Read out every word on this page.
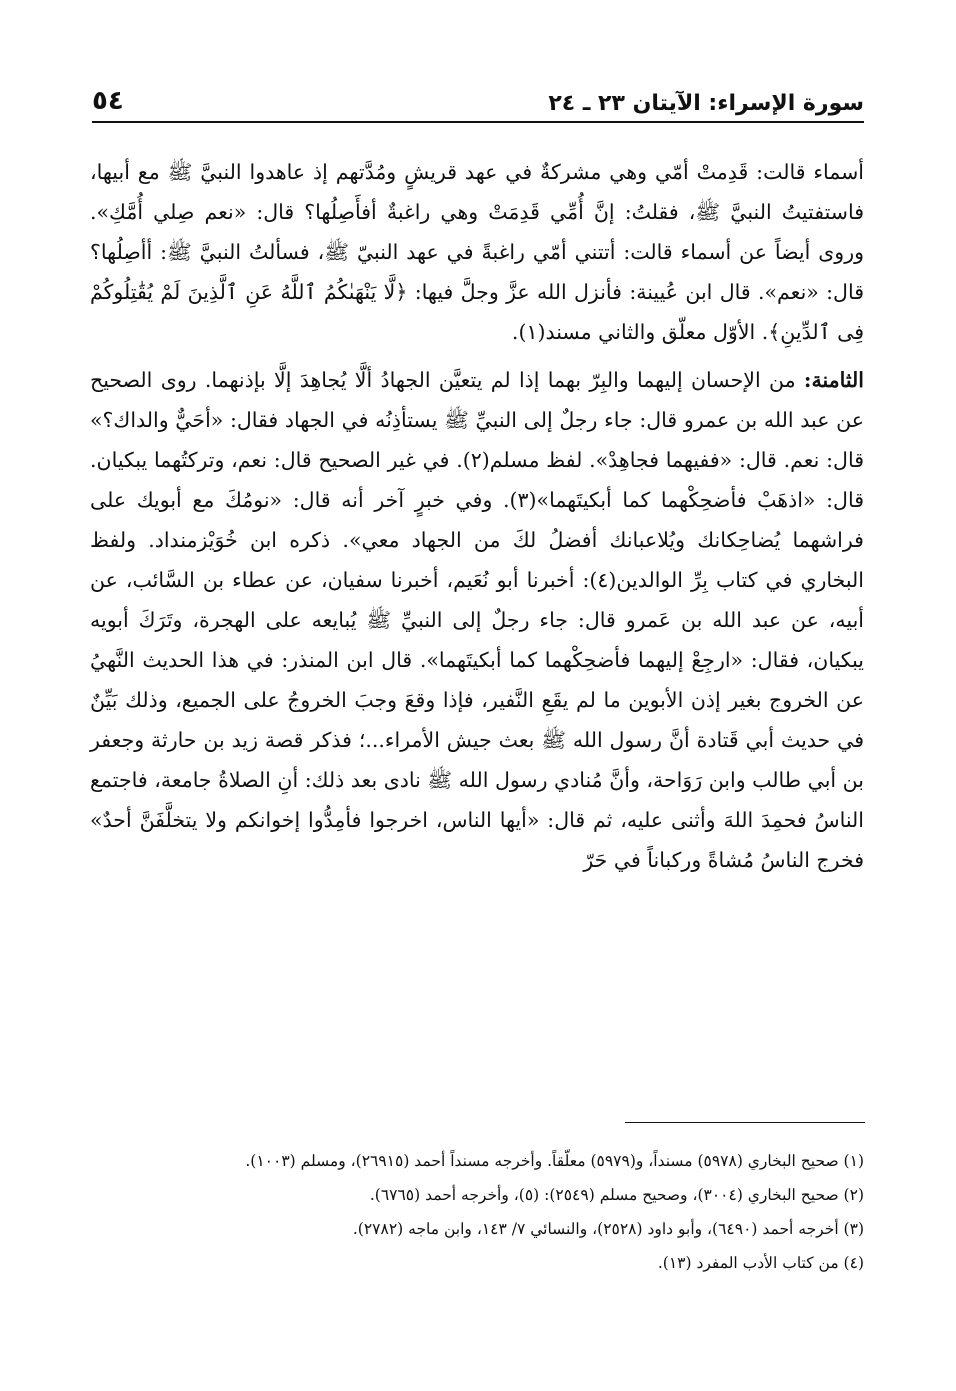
٥٤	سورة الإسراء: الآيتان ٢٣ ـ ٢٤

أسماء قالت: قَدِمتْ أمّي وهي مشركةٌ في عهد قريشٍ ومُدَّتهم إذ عاهدوا النبيَّ ﷺ مع أبيها، فاستفتيتُ النبيَّ ﷺ، فقلتُ: إنَّ أُمِّي قَدِمَتْ وهي راغبةٌ أفأَصِلُها؟ قال: «نعم صِلي أُمَّكِ». وروى أيضاً عن أسماء قالت: أتتني أمّي راغبةً في عهد النبيّ ﷺ، فسألتُ النبيَّ ﷺ: أأصِلُها؟ قال: «نعم». قال ابن عُيينة: فأنزل الله عزَّ وجلَّ فيها: ﴿لَّا يَنْهَىٰكُمُ ٱللَّهُ عَنِ ٱلَّذِينَ لَمْ يُقَٰتِلُوكُمْ فِى ٱلدِّينِ﴾. الأوّل معلّق والثاني مسند(١).

الثامنة: من الإحسان إليهما والبِرّ بهما إذا لم يتعيَّن الجهادُ ألَّا يُجاهِدَ إلَّا بإذنهما. روى الصحيح عن عبد الله بن عمرو قال: جاء رجلٌ إلى النبيِّ ﷺ يستأذِنُه في الجهاد فقال: «أحَيٌّ والداك؟» قال: نعم. قال: «ففيهما فجاهِدْ». لفظ مسلم(٢). في غير الصحيح قال: نعم، وتركتُهما يبكيان. قال: «اذهَبْ فأضحِكْهما كما أبكيتَهما»(٣). وفي خبرٍ آخر أنه قال: «نومُكَ مع أبويك على فراشهما يُضاحِكانك ويُلاعبانك أفضلُ لكَ من الجهاد معي». ذكره ابن خُوَيْزمنداد. ولفظ البخاري في كتاب بِرِّ الوالدين(٤): أخبرنا أبو نُعَيم، أخبرنا سفيان، عن عطاء بن السَّائب، عن أبيه، عن عبد الله بن عَمرو قال: جاء رجلٌ إلى النبيِّ ﷺ يُبايعه على الهجرة، وتَرَكَ أبويه يبكيان، فقال: «ارجِعْ إليهما فأضحِكْهما كما أبكيتَهما». قال ابن المنذر: في هذا الحديث النَّهيُ عن الخروج بغير إذن الأبوين ما لم يقَعِ النَّفير، فإذا وقعَ وجبَ الخروجُ على الجميع، وذلك بَيِّنٌ في حديث أبي قَتادة أنَّ رسول الله ﷺ بعث جيش الأمراء...؛ فذكر قصة زيد بن حارثة وجعفر بن أبي طالب وابن رَوَاحة، وأنَّ مُنادي رسول الله ﷺ نادى بعد ذلك: أنِ الصلاةُ جامعة، فاجتمع الناسُ فحمِدَ اللهَ وأثنى عليه، ثم قال: «أيها الناس، اخرجوا فأمِدُّوا إخوانكم ولا يتخلَّفَنَّ أحدٌ» فخرج الناسُ مُشاةً وركباناً في حَرّ

(١) صحيح البخاري (٥٩٧٨) مسنداً، و(٥٩٧٩) معلّقاً. وأخرجه مسنداً أحمد (٢٦٩١٥)، ومسلم (١٠٠٣).

(٢) صحيح البخاري (٣٠٠٤)، وصحيح مسلم (٢٥٤٩): (٥)، وأخرجه أحمد (٦٧٦٥).

(٣) أخرجه أحمد (٦٤٩٠)، وأبو داود (٢٥٢٨)، والنسائي ٧/ ١٤٣، وابن ماجه (٢٧٨٢).

(٤) من كتاب الأدب المفرد (١٣).
